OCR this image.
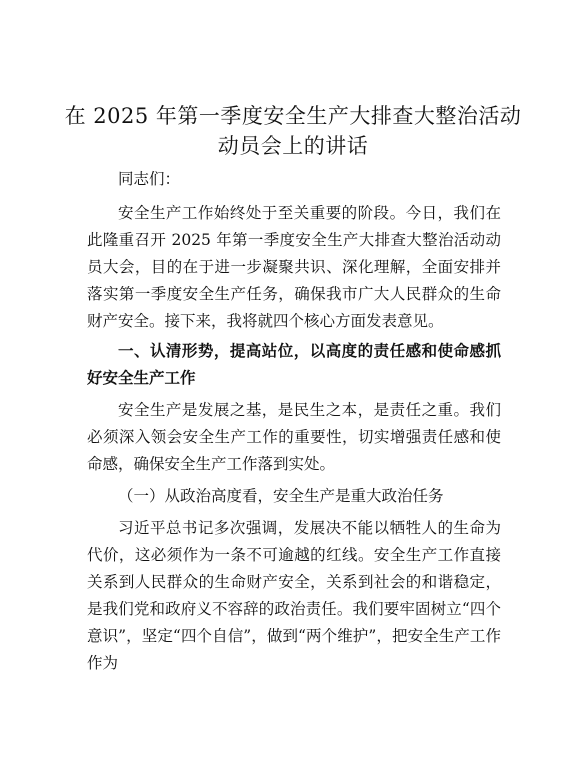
在 2025 年第一季度安全生产大排查大整治活动
动员会上的讲话

同志们：

安全生产工作始终处于至关重要的阶段。今日，我们在此隆重召开 2025 年第一季度安全生产大排查大整治活动动员大会，目的在于进一步凝聚共识、深化理解，全面安排并落实第一季度安全生产任务，确保我市广大人民群众的生命财产安全。接下来，我将就四个核心方面发表意见。

一、认清形势，提高站位，以高度的责任感和使命感抓好安全生产工作

安全生产是发展之基，是民生之本，是责任之重。我们必须深入领会安全生产工作的重要性，切实增强责任感和使命感，确保安全生产工作落到实处。

（一）从政治高度看，安全生产是重大政治任务

习近平总书记多次强调，发展决不能以牺牲人的生命为代价，这必须作为一条不可逾越的红线。安全生产工作直接关系到人民群众的生命财产安全，关系到社会的和谐稳定，是我们党和政府义不容辞的政治责任。我们要牢固树立“四个意识”，坚定“四个自信”，做到“两个维护”，把安全生产工作作为
